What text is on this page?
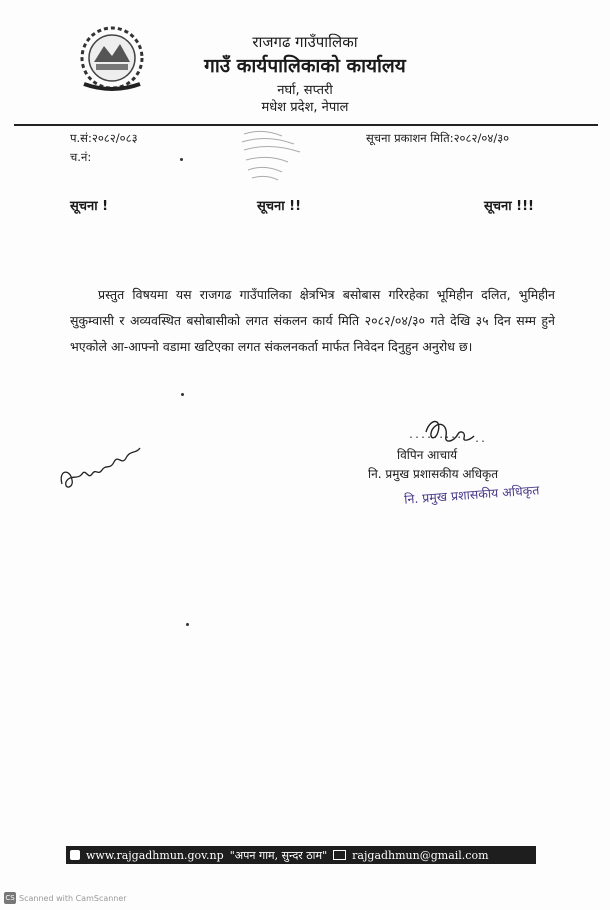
राजगढ गाउँपालिका
गाउँ कार्यपालिकाको कार्यालय
नर्घा, सप्तरी
मधेश प्रदेश, नेपाल
प.सं:२०८२/०८३
च.नं:
सूचना प्रकाशन मिति:२०८२/०४/३०
सूचना !	सूचना !!	सूचना !!!
प्रस्तुत विषयमा यस राजगढ गाउँपालिका क्षेत्रभित्र बसोबास गरिरहेका भूमिहीन दलित, भुमिहीन सुकुम्वासी र अव्यवस्थित बसोबासीको लगत संकलन कार्य मिति २०८२/०४/३० गते देखि ३५ दिन सम्म हुने भएकोले आ-आफ्नो वडामा खटिएका लगत संकलनकर्ता मार्फत निवेदन दिनुहुन अनुरोध छ।
......... ..
विपिन आचार्य
नि. प्रमुख प्रशासकीय अधिकृत
नि. प्रमुख प्रशासकीय अधिकृत
www.rajgadhmun.gov.np "अपन गाम, सुन्दर ठाम" rajgadhmun@gmail.com
CS Scanned with CamScanner
